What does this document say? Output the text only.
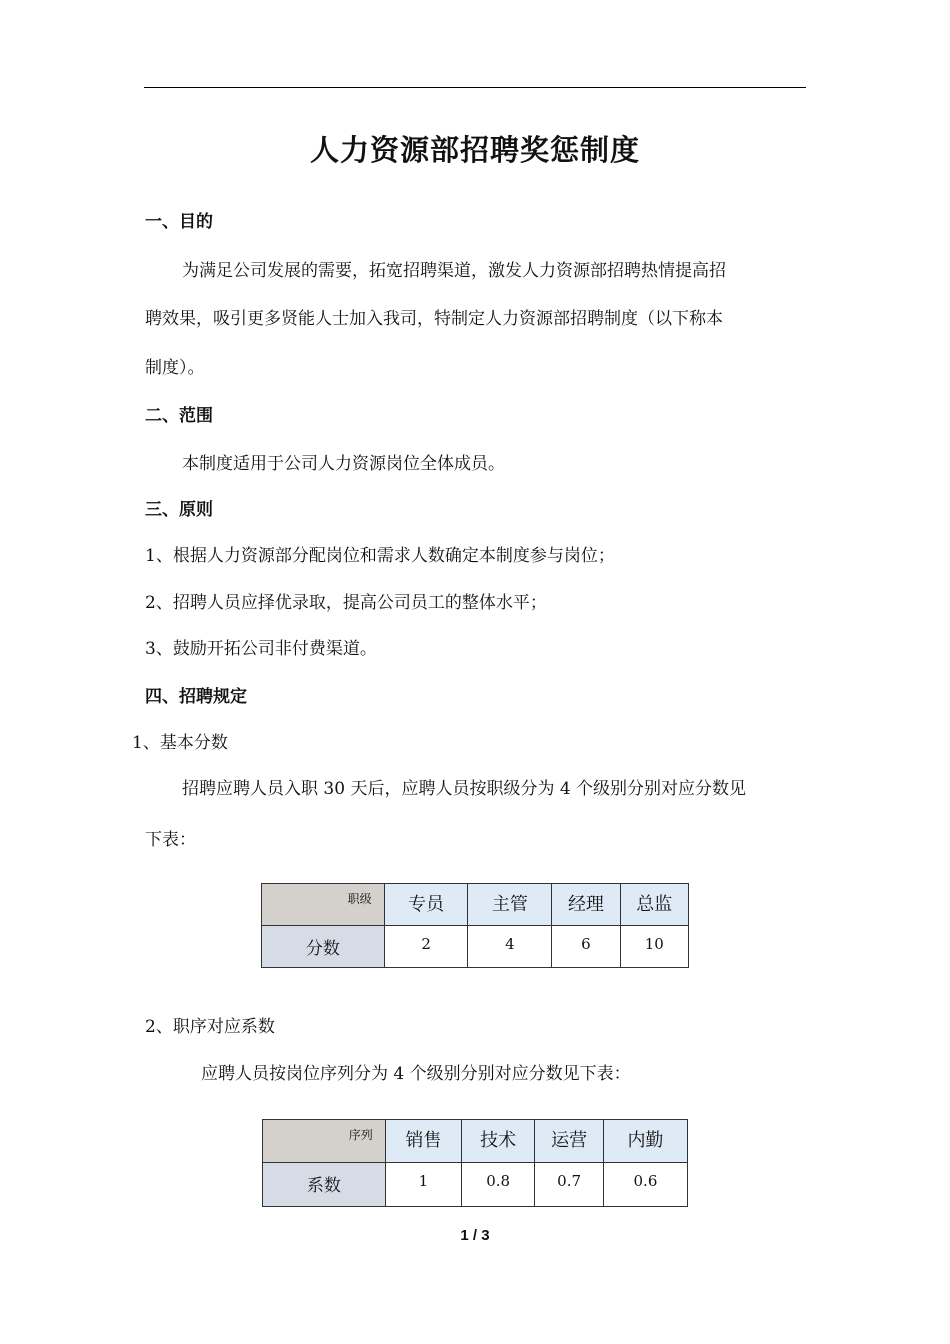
人力资源部招聘奖惩制度
一、目的
为满足公司发展的需要，拓宽招聘渠道，激发人力资源部招聘热情提高招
聘效果，吸引更多贤能人士加入我司，特制定人力资源部招聘制度（以下称本
制度）。
二、范围
本制度适用于公司人力资源岗位全体成员。
三、原则
1、根据人力资源部分配岗位和需求人数确定本制度参与岗位；
2、招聘人员应择优录取，提高公司员工的整体水平；
3、鼓励开拓公司非付费渠道。
四、招聘规定
1、基本分数
招聘应聘人员入职 30 天后，应聘人员按职级分为 4 个级别分别对应分数见
下表：
职级	专员	主管	经理	总监
分数	2	4	6	10
2、职序对应系数
应聘人员按岗位序列分为 4 个级别分别对应分数见下表：
序列	销售	技术	运营	内勤
系数	1	0.8	0.7	0.6
1 / 3
